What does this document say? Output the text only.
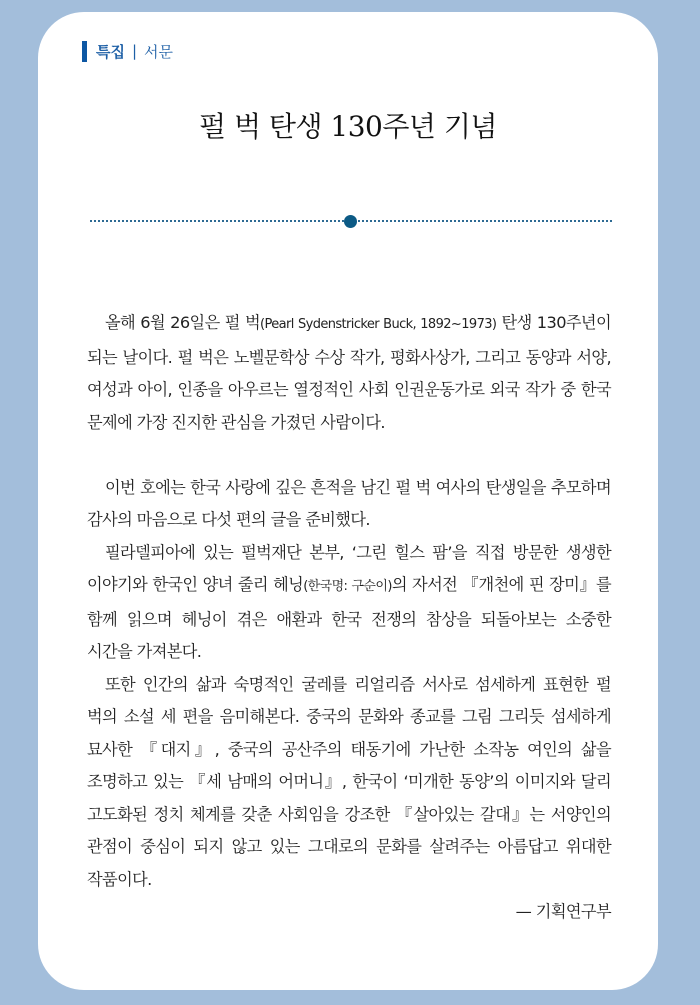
특집 | 서문
펄 벅 탄생 130주년 기념

올해 6월 26일은 펄 벅(Pearl Sydenstricker Buck, 1892~1973) 탄생 130주년이 되는 날이다. 펄 벅은 노벨문학상 수상 작가, 평화사상가, 그리고 동양과 서양, 여성과 아이, 인종을 아우르는 열정적인 사회 인권운동가로 외국 작가 중 한국 문제에 가장 진지한 관심을 가졌던 사람이다.

이번 호에는 한국 사랑에 깊은 흔적을 남긴 펄 벅 여사의 탄생일을 추모하며 감사의 마음으로 다섯 편의 글을 준비했다.

필라델피아에 있는 펄벅재단 본부, ‘그린 힐스 팜’을 직접 방문한 생생한 이야기와 한국인 양녀 줄리 헤닝(한국명: 구순이)의 자서전 『개천에 핀 장미』를 함께 읽으며 헤닝이 겪은 애환과 한국 전쟁의 참상을 되돌아보는 소중한 시간을 가져본다.

또한 인간의 삶과 숙명적인 굴레를 리얼리즘 서사로 섬세하게 표현한 펄 벅의 소설 세 편을 음미해본다. 중국의 문화와 종교를 그림 그리듯 섬세하게 묘사한 『대지』, 중국의 공산주의 태동기에 가난한 소작농 여인의 삶을 조명하고 있는 『세 남매의 어머니』, 한국이 ‘미개한 동양’의 이미지와 달리 고도화된 정치 체계를 갖춘 사회임을 강조한 『살아있는 갈대』는 서양인의 관점이 중심이 되지 않고 있는 그대로의 문화를 살려주는 아름답고 위대한 작품이다.

— 기획연구부
